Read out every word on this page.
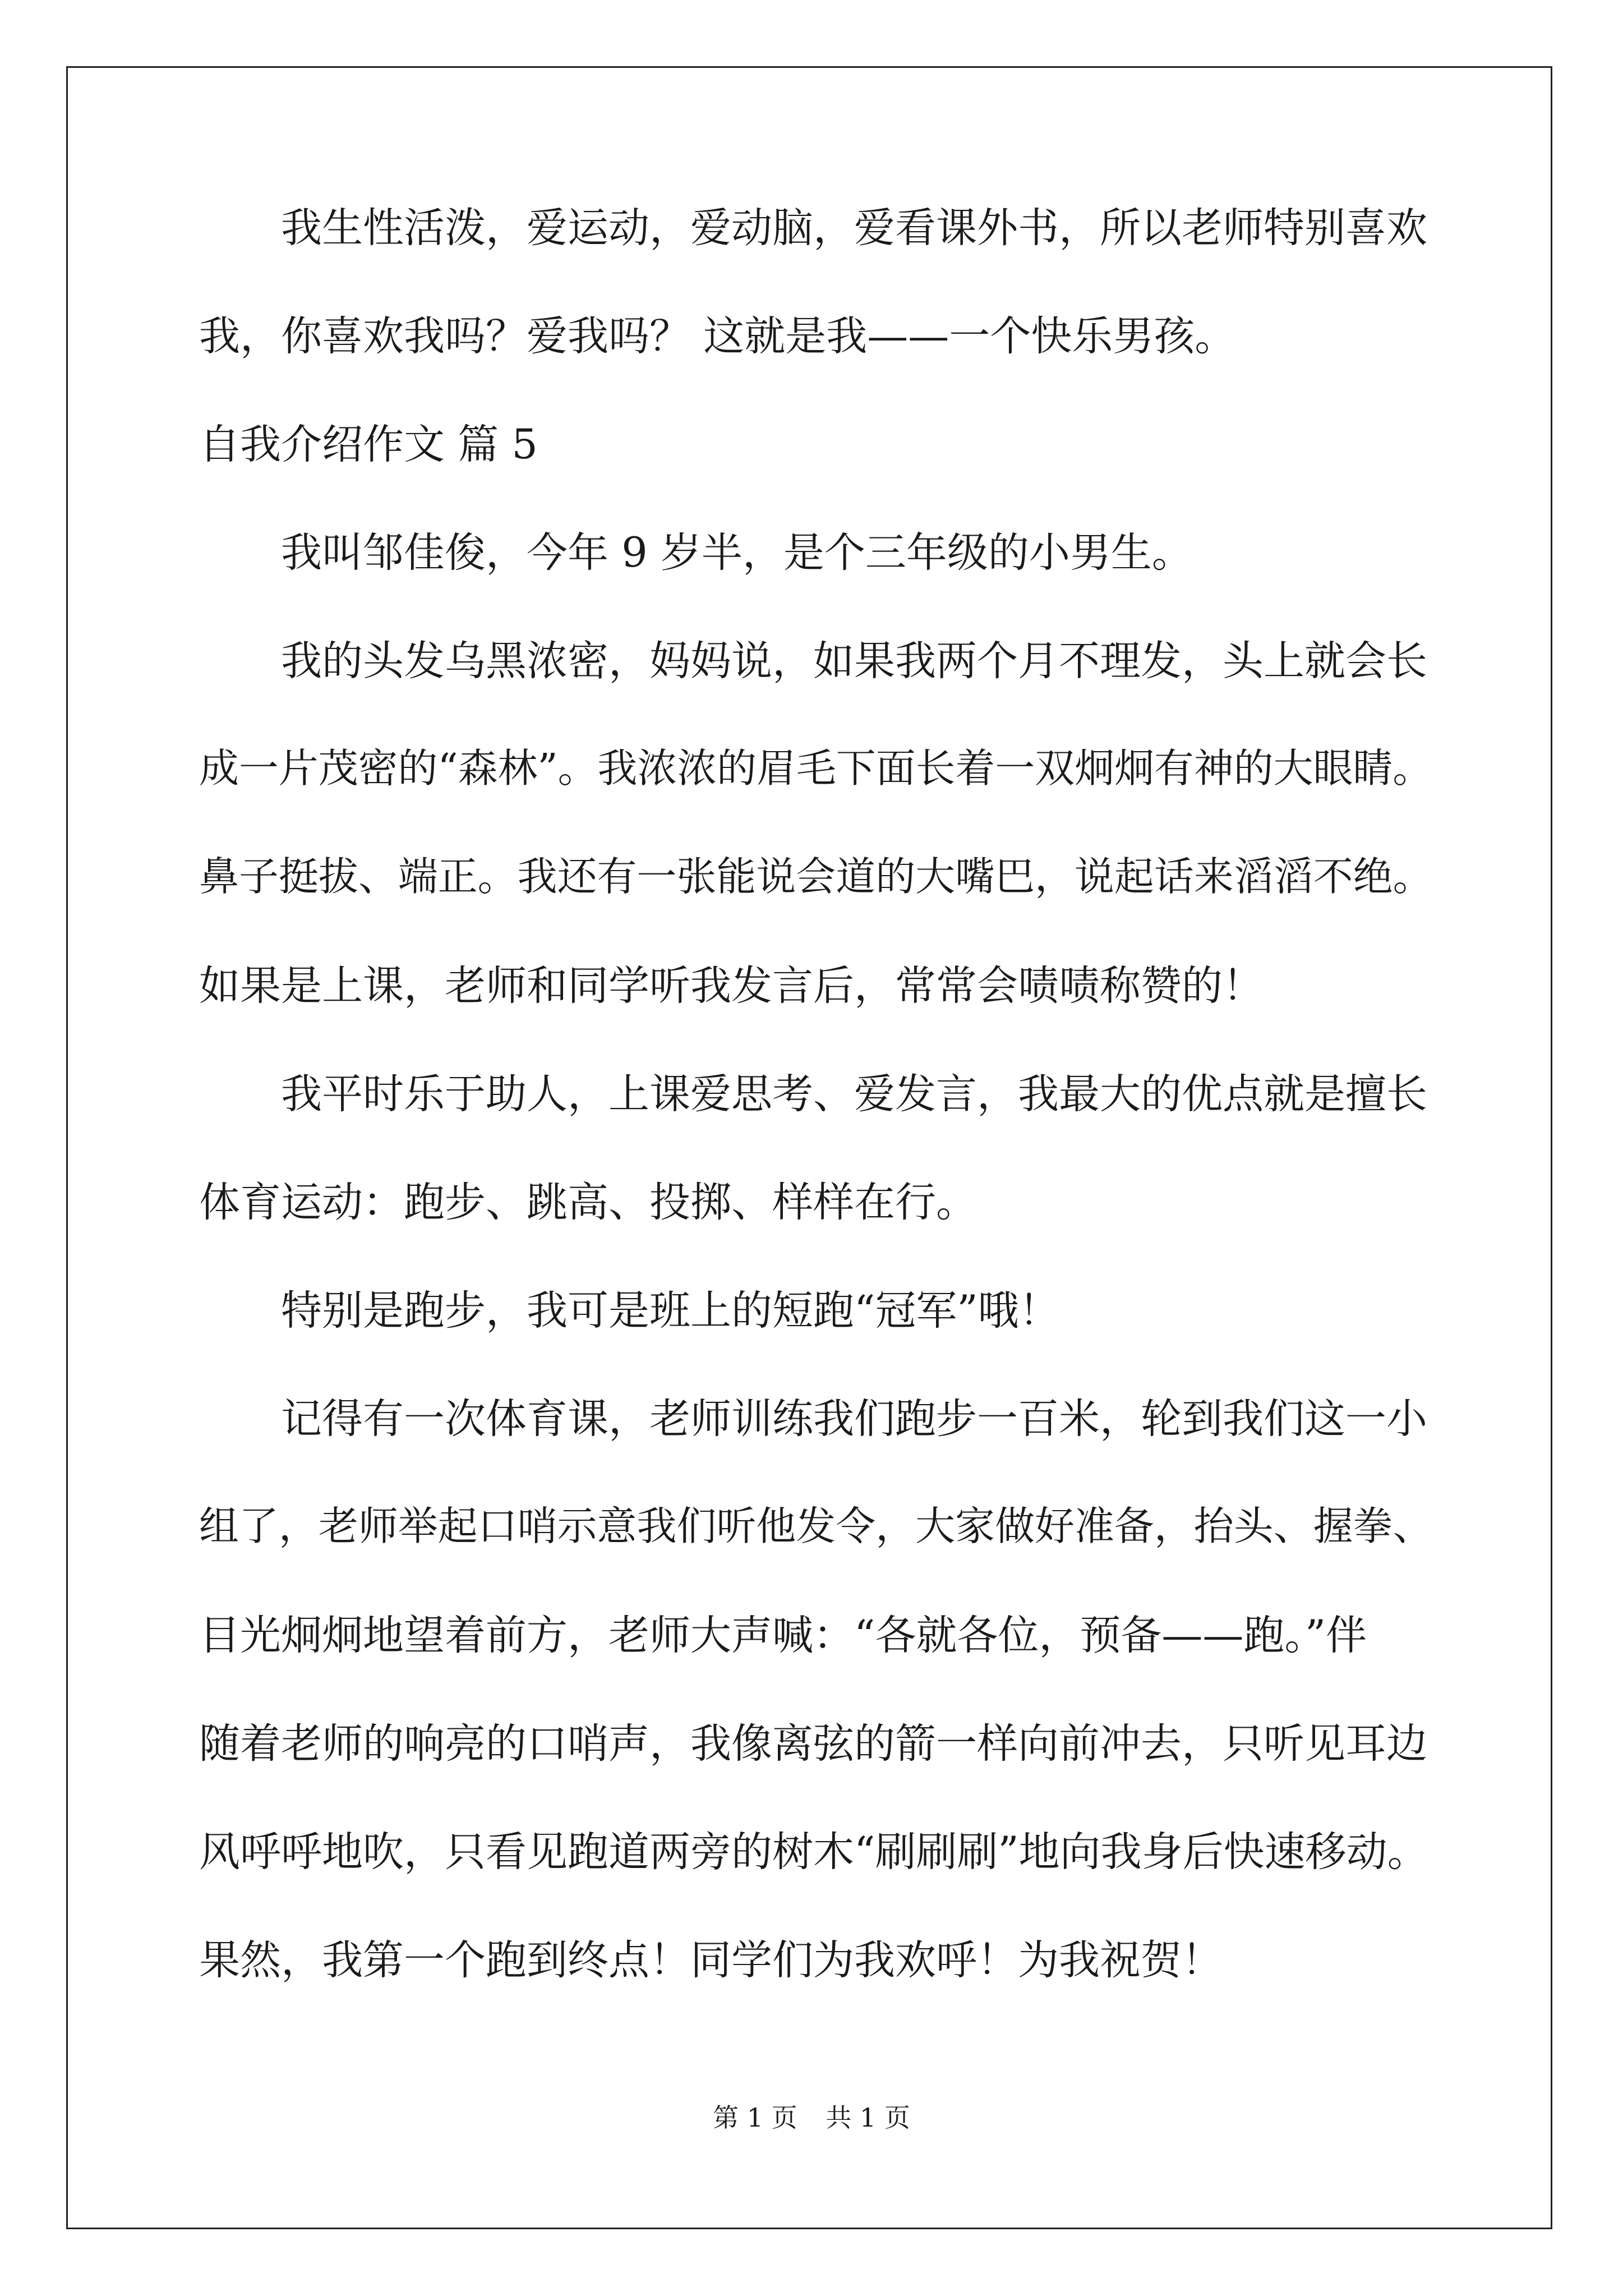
我生性活泼，爱运动，爱动脑，爱看课外书，所以老师特别喜欢
我，你喜欢我吗？爱我吗？ 这就是我——一个快乐男孩。
自我介绍作文 篇 5
我叫邹佳俊，今年 9 岁半，是个三年级的小男生。
我的头发乌黑浓密，妈妈说，如果我两个月不理发，头上就会长
成一片茂密的“森林”。我浓浓的眉毛下面长着一双炯炯有神的大眼睛。
鼻子挺拔、端正。我还有一张能说会道的大嘴巴，说起话来滔滔不绝。
如果是上课，老师和同学听我发言后，常常会啧啧称赞的！
我平时乐于助人，上课爱思考、爱发言，我最大的优点就是擅长
体育运动：跑步、跳高、投掷、样样在行。
特别是跑步，我可是班上的短跑“冠军”哦！
记得有一次体育课，老师训练我们跑步一百米，轮到我们这一小
组了，老师举起口哨示意我们听他发令，大家做好准备，抬头、握拳、
目光炯炯地望着前方，老师大声喊：“各就各位，预备——跑。”伴
随着老师的响亮的口哨声，我像离弦的箭一样向前冲去，只听见耳边
风呼呼地吹，只看见跑道两旁的树木“刷刷刷”地向我身后快速移动。
果然，我第一个跑到终点！同学们为我欢呼！为我祝贺！
第 1 页 共 1 页
